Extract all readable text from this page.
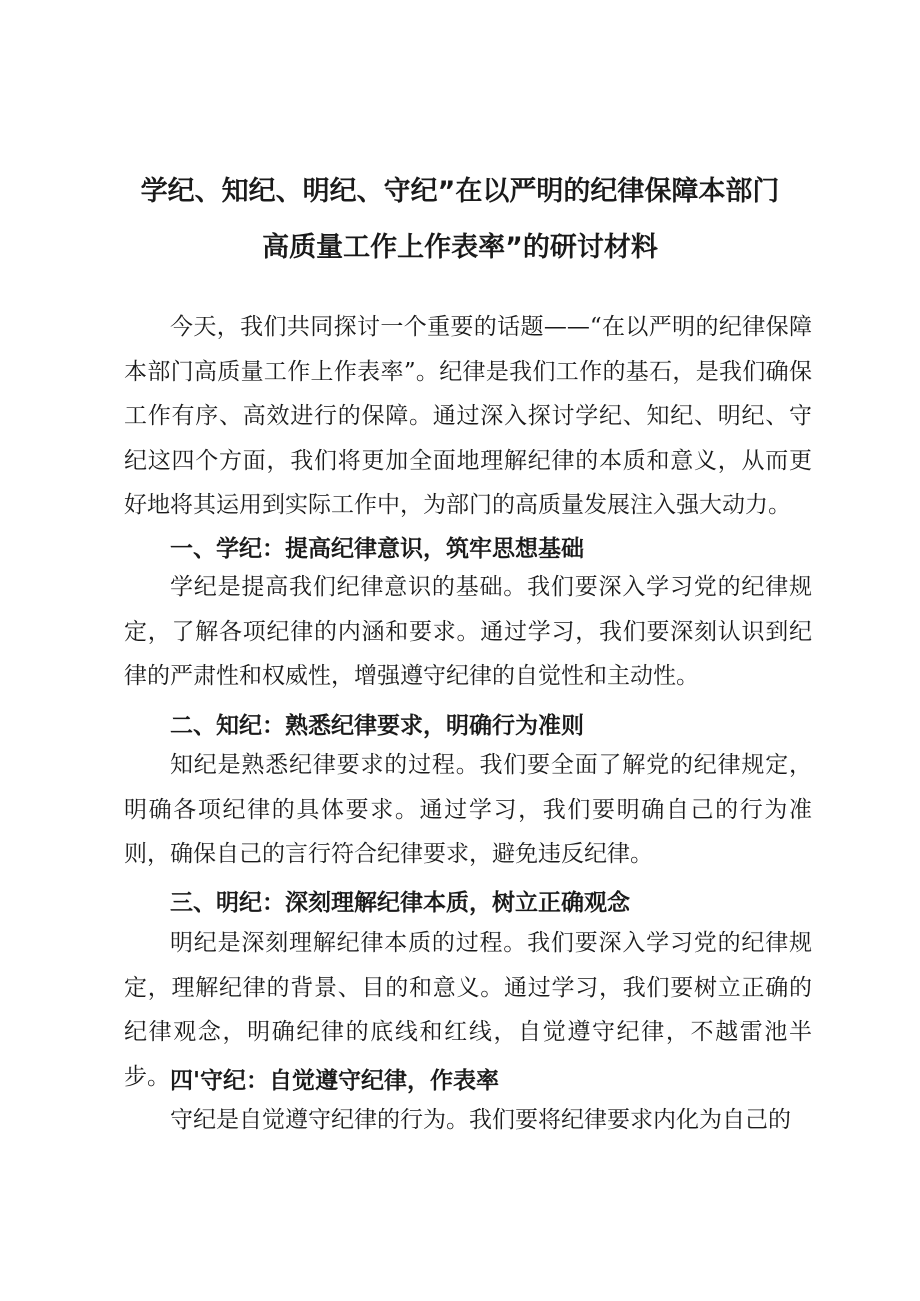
学纪、知纪、明纪、守纪”在以严明的纪律保障本部门
高质量工作上作表率”的研讨材料

今天，我们共同探讨一个重要的话题——“在以严明的纪律保障本部门高质量工作上作表率”。纪律是我们工作的基石，是我们确保工作有序、高效进行的保障。通过深入探讨学纪、知纪、明纪、守纪这四个方面，我们将更加全面地理解纪律的本质和意义，从而更好地将其运用到实际工作中，为部门的高质量发展注入强大动力。

一、学纪：提高纪律意识，筑牢思想基础

学纪是提高我们纪律意识的基础。我们要深入学习党的纪律规定，了解各项纪律的内涵和要求。通过学习，我们要深刻认识到纪律的严肃性和权威性，增强遵守纪律的自觉性和主动性。

二、知纪：熟悉纪律要求，明确行为准则

知纪是熟悉纪律要求的过程。我们要全面了解党的纪律规定，明确各项纪律的具体要求。通过学习，我们要明确自己的行为准则，确保自己的言行符合纪律要求，避免违反纪律。

三、明纪：深刻理解纪律本质，树立正确观念

明纪是深刻理解纪律本质的过程。我们要深入学习党的纪律规定，理解纪律的背景、目的和意义。通过学习，我们要树立正确的纪律观念，明确纪律的底线和红线，自觉遵守纪律，不越雷池半步。 四'守纪：自觉遵守纪律，作表率

守纪是自觉遵守纪律的行为。我们要将纪律要求内化为自己的
